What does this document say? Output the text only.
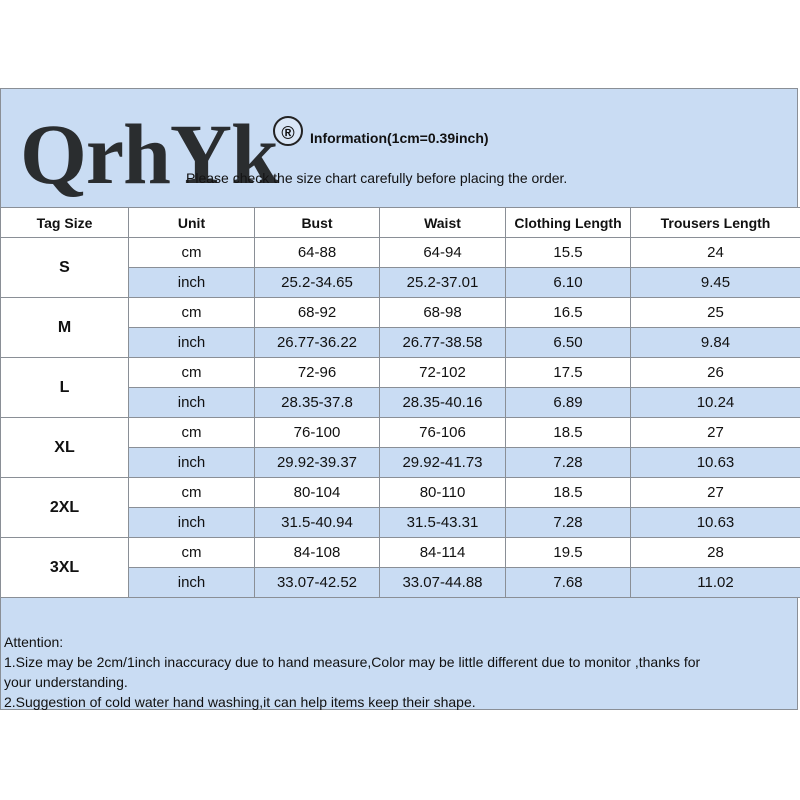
®	Information(1cm=0.39inch)
Please check the size chart carefully before placing the order.
Tag Size	Unit	Bust	Waist	Clothing Length	Trousers Length
S	cm	64-88	64-94	15.5	24
	inch	25.2-34.65	25.2-37.01	6.10	9.45
M	cm	68-92	68-98	16.5	25
	inch	26.77-36.22	26.77-38.58	6.50	9.84
L	cm	72-96	72-102	17.5	26
	inch	28.35-37.8	28.35-40.16	6.89	10.24
XL	cm	76-100	76-106	18.5	27
	inch	29.92-39.37	29.92-41.73	7.28	10.63
2XL	cm	80-104	80-110	18.5	27
	inch	31.5-40.94	31.5-43.31	7.28	10.63
3XL	cm	84-108	84-114	19.5	28
	inch	33.07-42.52	33.07-44.88	7.68	11.02
QrhYk

Attention:

1.Size may be 2cm/1inch inaccuracy due to hand measure,Color may be little different due to monitor ,thanks for

your understanding.

2.Suggestion of cold water hand washing,it can help items keep their shape.
